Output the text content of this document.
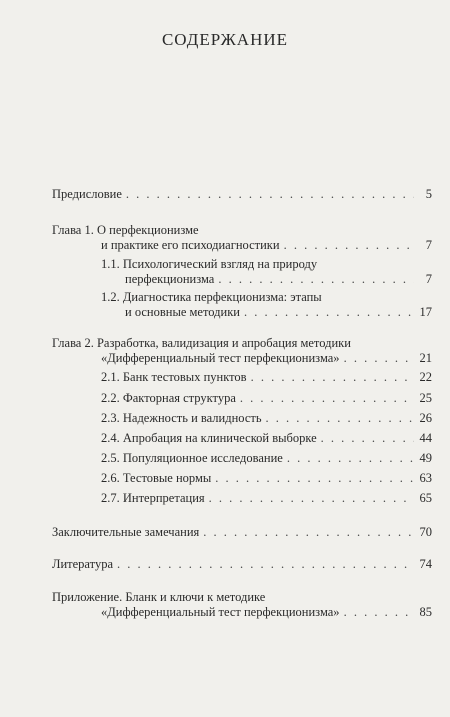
СОДЕРЖАНИЕ
Предисловие . . .	5
Глава 1.
О перфекционизме
и практике его психодиагностики . . .	7
1.1.
Психологический взгляд на природу
перфекционизма . . .	7
1.2.
Диагностика перфекционизма: этапы
и основные методики . . .	17
Глава 2.
Разработка, валидизация и апробация методики
«Дифференциальный тест перфекционизма» . . .	21
2.1.
Банк тестовых пунктов . . .	22
2.2.
Факторная структура . . .	25
2.3.
Надежность и валидность . . .	26
2.4.
Апробация на клинической выборке . . .	44
2.5.
Популяционное исследование . . .	49
2.6.
Тестовые нормы . . .	63
2.7.
Интерпретация . . .	65
Заключительные замечания . . .	70
Литература . . .	74
Приложение. Бланк и ключи к методике
«Дифференциальный тест перфекционизма» . . .	85
